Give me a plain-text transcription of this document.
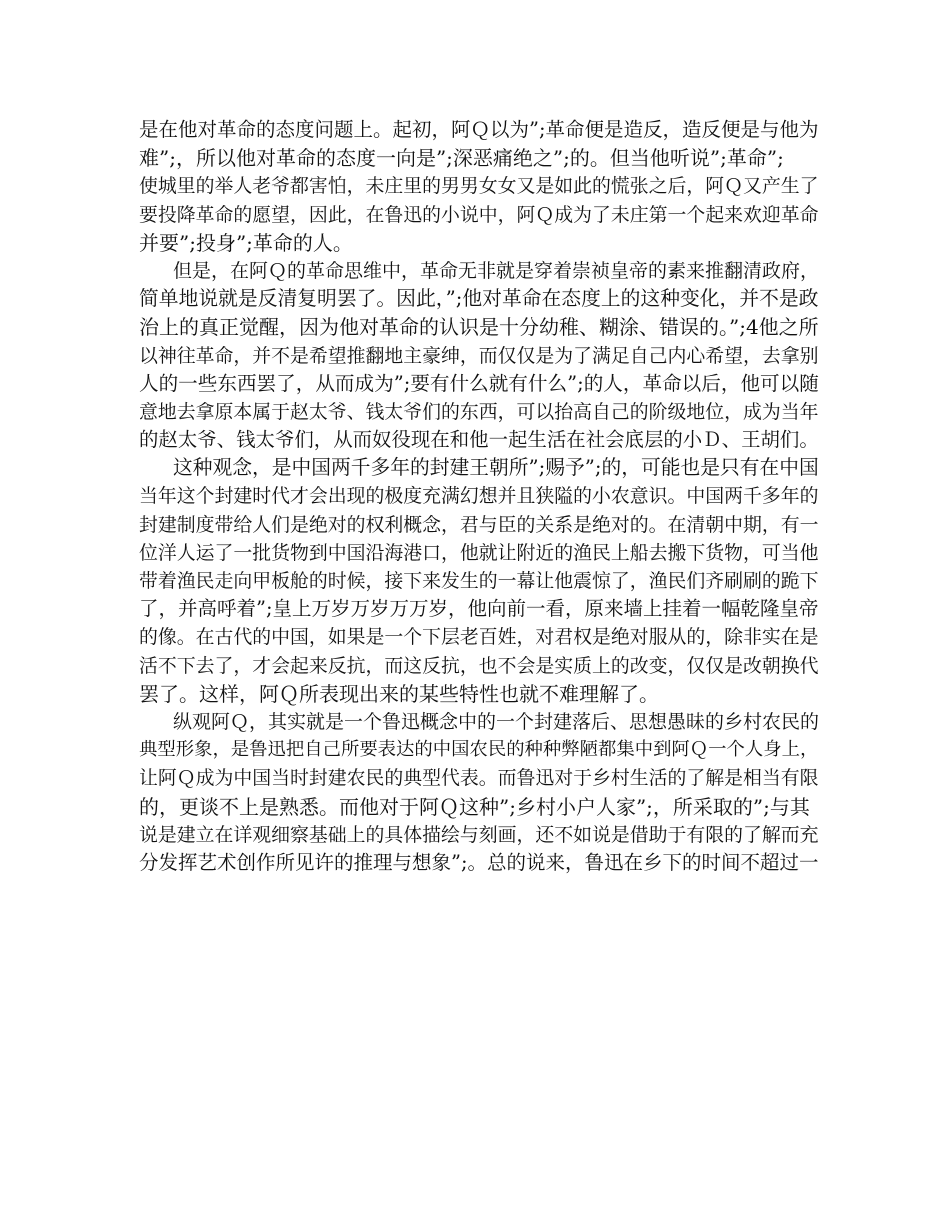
是在他对革命的态度问题上。起初，阿Ｑ以为”;革命便是造反，造反便是与他为
难”;，所以他对革命的态度一向是”;深恶痛绝之”;的。但当他听说”;革命”;
使城里的举人老爷都害怕，未庄里的男男女女又是如此的慌张之后，阿Ｑ又产生了
要投降革命的愿望，因此，在鲁迅的小说中，阿Ｑ成为了未庄第一个起来欢迎革命
并要”;投身”;革命的人。
但是，在阿Ｑ的革命思维中，革命无非就是穿着崇祯皇帝的素来推翻清政府，
简单地说就是反清复明罢了。因此，”;他对革命在态度上的这种变化，并不是政
治上的真正觉醒，因为他对革命的认识是十分幼稚、糊涂、错误的。”;4他之所
以神往革命，并不是希望推翻地主豪绅，而仅仅是为了满足自己内心希望，去拿别
人的一些东西罢了，从而成为”;要有什么就有什么”;的人，革命以后，他可以随
意地去拿原本属于赵太爷、钱太爷们的东西，可以抬高自己的阶级地位，成为当年
的赵太爷、钱太爷们，从而奴役现在和他一起生活在社会底层的小Ｄ、王胡们。
这种观念，是中国两千多年的封建王朝所”;赐予”;的，可能也是只有在中国
当年这个封建时代才会出现的极度充满幻想并且狭隘的小农意识。中国两千多年的
封建制度带给人们是绝对的权利概念，君与臣的关系是绝对的。在清朝中期，有一
位洋人运了一批货物到中国沿海港口，他就让附近的渔民上船去搬下货物，可当他
带着渔民走向甲板舱的时候，接下来发生的一幕让他震惊了，渔民们齐刷刷的跪下
了，并高呼着”;皇上万岁万岁万万岁，他向前一看，原来墙上挂着一幅乾隆皇帝
的像。在古代的中国，如果是一个下层老百姓，对君权是绝对服从的，除非实在是
活不下去了，才会起来反抗，而这反抗，也不会是实质上的改变，仅仅是改朝换代
罢了。这样，阿Ｑ所表现出来的某些特性也就不难理解了。
纵观阿Ｑ，其实就是一个鲁迅概念中的一个封建落后、思想愚昧的乡村农民的
典型形象，是鲁迅把自己所要表达的中国农民的种种弊陋都集中到阿Ｑ一个人身上，
让阿Ｑ成为中国当时封建农民的典型代表。而鲁迅对于乡村生活的了解是相当有限
的，更谈不上是熟悉。而他对于阿Ｑ这种”;乡村小户人家”;，所采取的”;与其
说是建立在详观细察基础上的具体描绘与刻画，还不如说是借助于有限的了解而充
分发挥艺术创作所见许的推理与想象”;。总的说来，鲁迅在乡下的时间不超过一
